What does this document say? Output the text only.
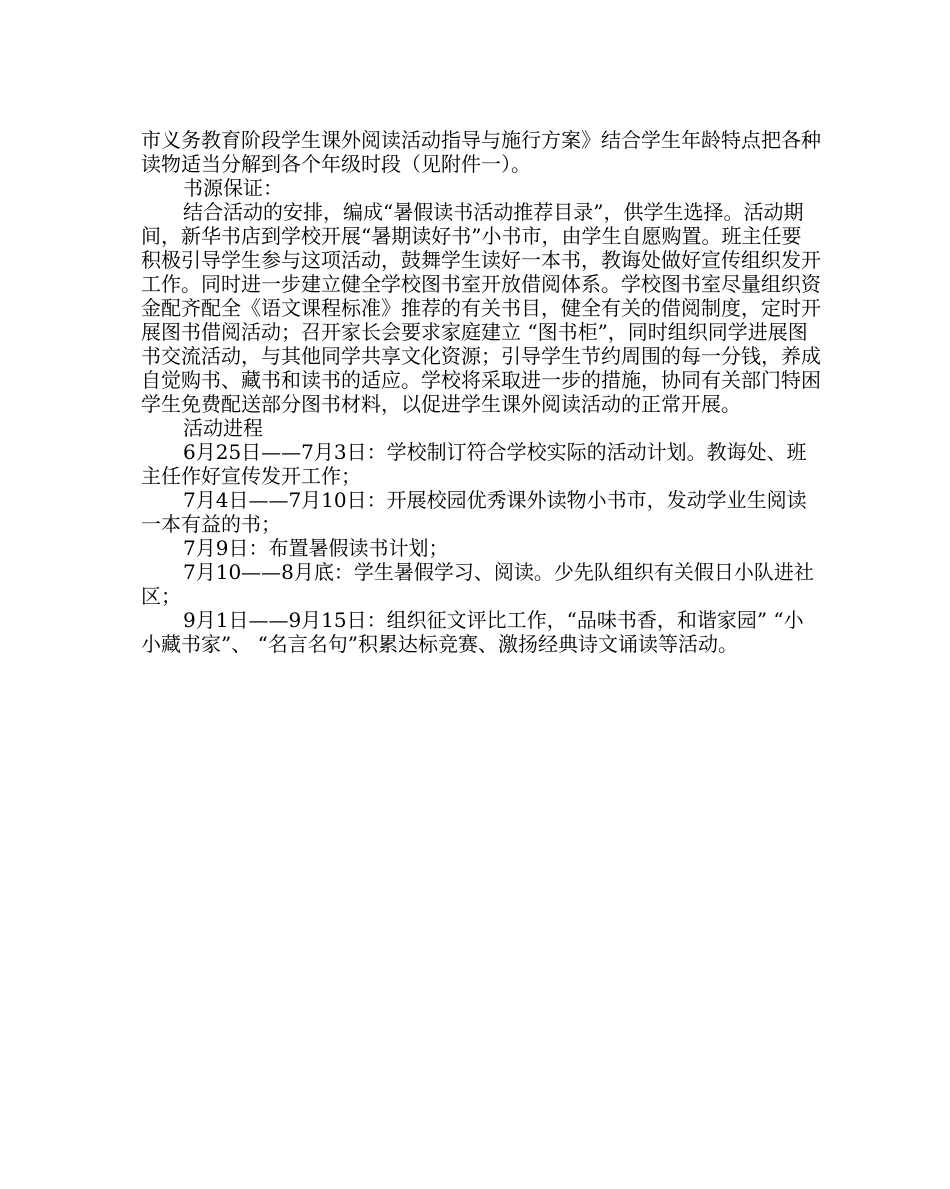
市义务教育阶段学生课外阅读活动指导与施行方案》结合学生年龄特点把各种读物适当分解到各个年级时段（见附件一）。

书源保证：

结合活动的安排，编成“暑假读书活动推荐目录”，供学生选择。活动期间，新华书店到学校开展“暑期读好书”小书市，由学生自愿购置。班主任要积极引导学生参与这项活动，鼓舞学生读好一本书，教诲处做好宣传组织发开工作。同时进一步建立健全学校图书室开放借阅体系。学校图书室尽量组织资金配齐配全《语文课程标准》推荐的有关书目，健全有关的借阅制度，定时开展图书借阅活动；召开家长会要求家庭建立 “图书柜”，同时组织同学进展图书交流活动，与其他同学共享文化资源；引导学生节约周围的每一分钱，养成自觉购书、藏书和读书的适应。学校将采取进一步的措施，协同有关部门特困学生免费配送部分图书材料，以促进学生课外阅读活动的正常开展。

活动进程

6月25日——7月3日：学校制订符合学校实际的活动计划。教诲处、班主任作好宣传发开工作；

7月4日——7月10日：开展校园优秀课外读物小书市，发动学业生阅读一本有益的书；

7月9日：布置暑假读书计划；

7月10——8月底：学生暑假学习、阅读。少先队组织有关假日小队进社区；

9月1日——9月15日：组织征文评比工作，“品味书香，和谐家园” “小小藏书家”、 “名言名句”积累达标竞赛、激扬经典诗文诵读等活动。
